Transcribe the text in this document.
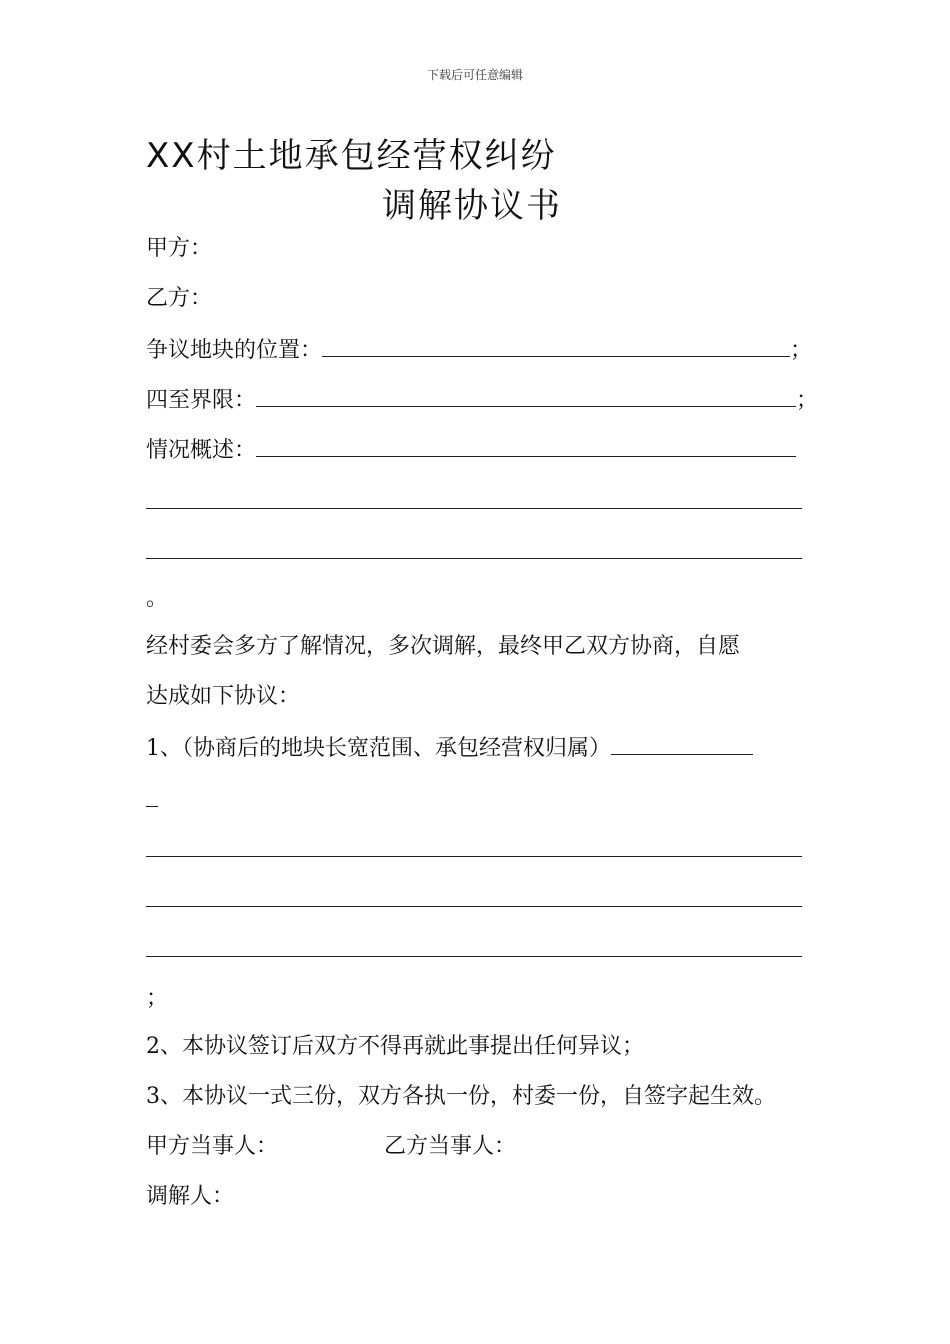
下载后可任意编辑
XX村土地承包经营权纠纷
调解协议书
甲方：
乙方：
争议地块的位置：	；
四至界限：	；
情况概述：
。
经村委会多方了解情况，多次调解，最终甲乙双方协商，自愿
达成如下协议：
1、（协商后的地块长宽范围、承包经营权归属）
；
2、本协议签订后双方不得再就此事提出任何异议；
3、本协议一式三份，双方各执一份，村委一份，自签字起生效。
甲方当事人：	乙方当事人：
调解人：
